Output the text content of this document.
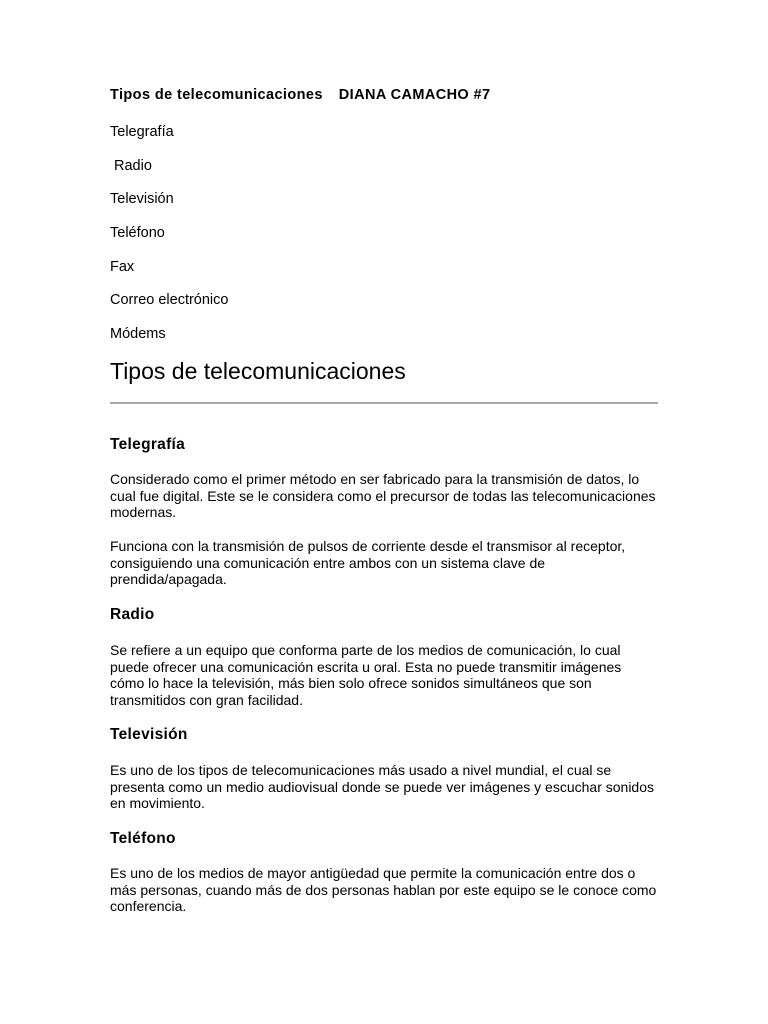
Tipos de telecomunicaciones DIANA CAMACHO #7
Telegrafía
Radio
Televisión
Teléfono
Fax
Correo electrónico
Módems
Tipos de telecomunicaciones
Telegrafía

Considerado como el primer método en ser fabricado para la transmisión de datos, lo cual fue digital. Este se le considera como el precursor de todas las telecomunicaciones modernas.

Funciona con la transmisión de pulsos de corriente desde el transmisor al receptor, consiguiendo una comunicación entre ambos con un sistema clave de prendida/apagada.

Radio

Se refiere a un equipo que conforma parte de los medios de comunicación, lo cual puede ofrecer una comunicación escrita u oral. Esta no puede transmitir imágenes cómo lo hace la televisión, más bien solo ofrece sonidos simultáneos que son transmitidos con gran facilidad.

Televisión

Es uno de los tipos de telecomunicaciones más usado a nivel mundial, el cual se presenta como un medio audiovisual donde se puede ver imágenes y escuchar sonidos en movimiento.

Teléfono

Es uno de los medios de mayor antigüedad que permite la comunicación entre dos o más personas, cuando más de dos personas hablan por este equipo se le conoce como conferencia.
